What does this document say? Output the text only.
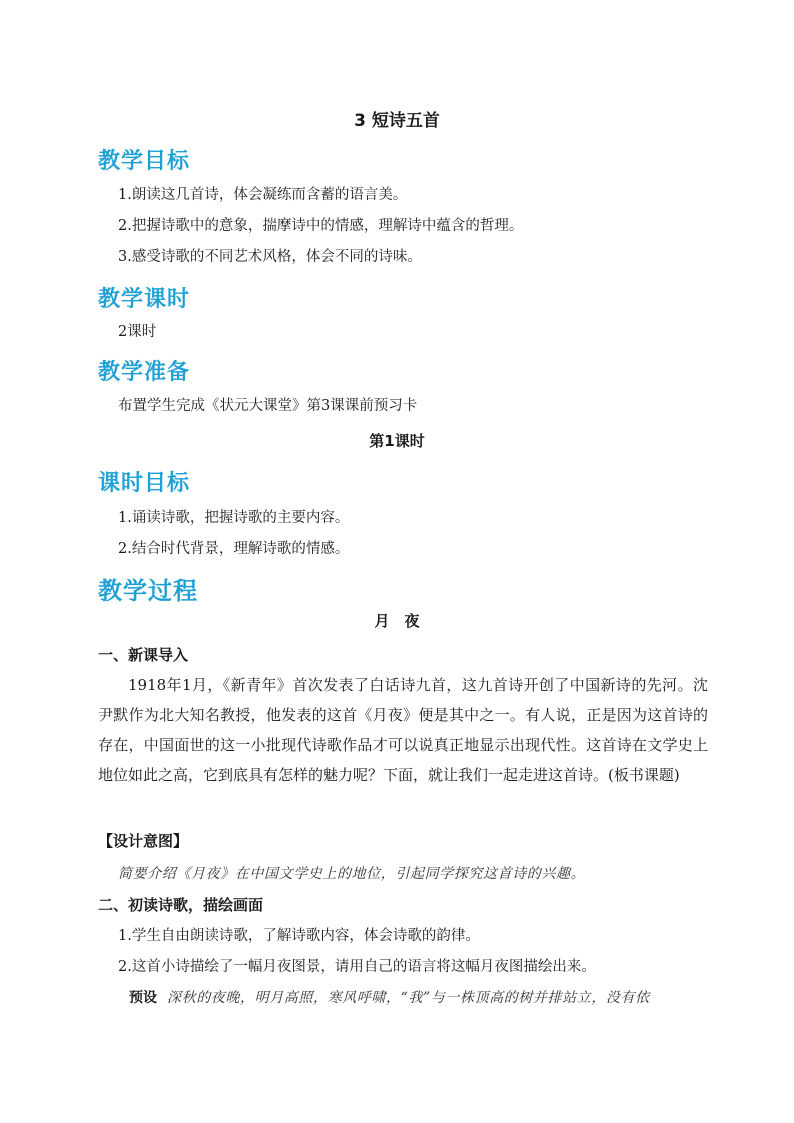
3 短诗五首
教学目标
1.朗读这几首诗，体会凝练而含蓄的语言美。
2.把握诗歌中的意象，揣摩诗中的情感，理解诗中蕴含的哲理。
3.感受诗歌的不同艺术风格，体会不同的诗味。
教学课时
2课时
教学准备
布置学生完成《状元大课堂》第3课课前预习卡
第1课时
课时目标
1.诵读诗歌，把握诗歌的主要内容。
2.结合时代背景，理解诗歌的情感。
教学过程
月　夜
一、新课导入
1918年1月，《新青年》首次发表了白话诗九首，这九首诗开创了中国新诗的先河。沈尹默作为北大知名教授，他发表的这首《月夜》便是其中之一。有人说，正是因为这首诗的存在，中国面世的这一小批现代诗歌作品才可以说真正地显示出现代性。这首诗在文学史上地位如此之高，它到底具有怎样的魅力呢？下面，就让我们一起走进这首诗。(板书课题)
【设计意图】
简要介绍《月夜》在中国文学史上的地位，引起同学探究这首诗的兴趣。
二、初读诗歌，描绘画面
1.学生自由朗读诗歌，了解诗歌内容，体会诗歌的韵律。
2.这首小诗描绘了一幅月夜图景，请用自己的语言将这幅月夜图描绘出来。
预设 深秋的夜晚，明月高照，寒风呼啸，“我”与一株顶高的树并排站立，没有依
